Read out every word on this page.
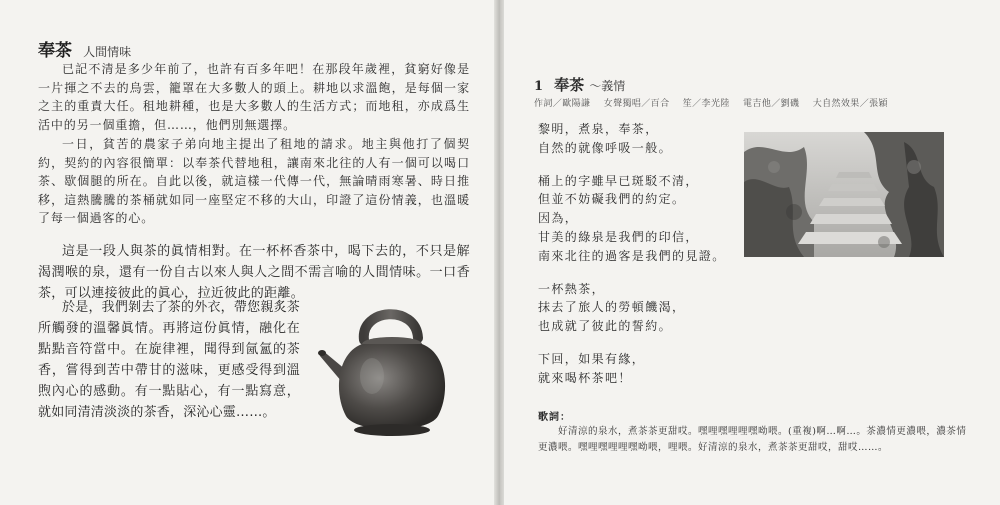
奉茶 人間情味

已記不清是多少年前了，也許有百多年吧！在那段年歲裡，貧窮好像是一片揮之不去的烏雲，籠罩在大多數人的頭上。耕地以求溫飽，是每個一家之主的重責大任。租地耕種，也是大多數人的生活方式；而地租，亦成爲生活中的另一個重擔，但……，他們別無選擇。

一日，貧苦的農家子弟向地主提出了租地的請求。地主與他打了個契約，契約的內容很簡單：以奉茶代替地租，讓南來北往的人有一個可以喝口茶、歇個腿的所在。自此以後，就這樣一代傳一代，無論晴雨寒暑、時日推移，這熱騰騰的茶桶就如同一座堅定不移的大山，印證了這份情義，也溫暖了每一個過客的心。

這是一段人與茶的眞情相對。在一杯杯香茶中，喝下去的，不只是解渴潤喉的泉，還有一份自古以來人與人之間不需言喻的人間情味。一口香茶，可以連接彼此的眞心，拉近彼此的距離。

於是，我們剝去了茶的外衣，帶您親炙茶所觸發的溫馨眞情。再將這份眞情，融化在點點音符當中。在旋律裡，聞得到氤氳的茶香，嘗得到苦中帶甘的滋味，更感受得到溫煦內心的感動。有一點貼心，有一點寫意，就如同清清淡淡的茶香，深沁心靈……。

1 奉茶 ～義情
作詞／歐陽謙 女聲獨唱／百合 笙／李光陸 電吉他／劉磯 大自然效果／張穎
黎明，煮泉，奉茶，
自然的就像呼吸一般。
桶上的字雖早已斑駁不清，
但並不妨礙我們的約定。
因為，
甘美的綠泉是我們的印信，
南來北往的過客是我們的見證。
一杯熱茶，
抹去了旅人的勞頓饑渴，
也成就了彼此的誓約。
下回，如果有緣，
就來喝杯茶吧！
歌詞：

好清涼的泉水，煮茶茶更甜哎。嘿哩嘿哩哩嘿呦喂。(重複)啊…啊…。茶濃情更濃喂，濃茶情更濃喂。嘿哩嘿哩哩嘿呦喂，哩喂。好清涼的泉水，煮茶茶更甜哎，甜哎……。
